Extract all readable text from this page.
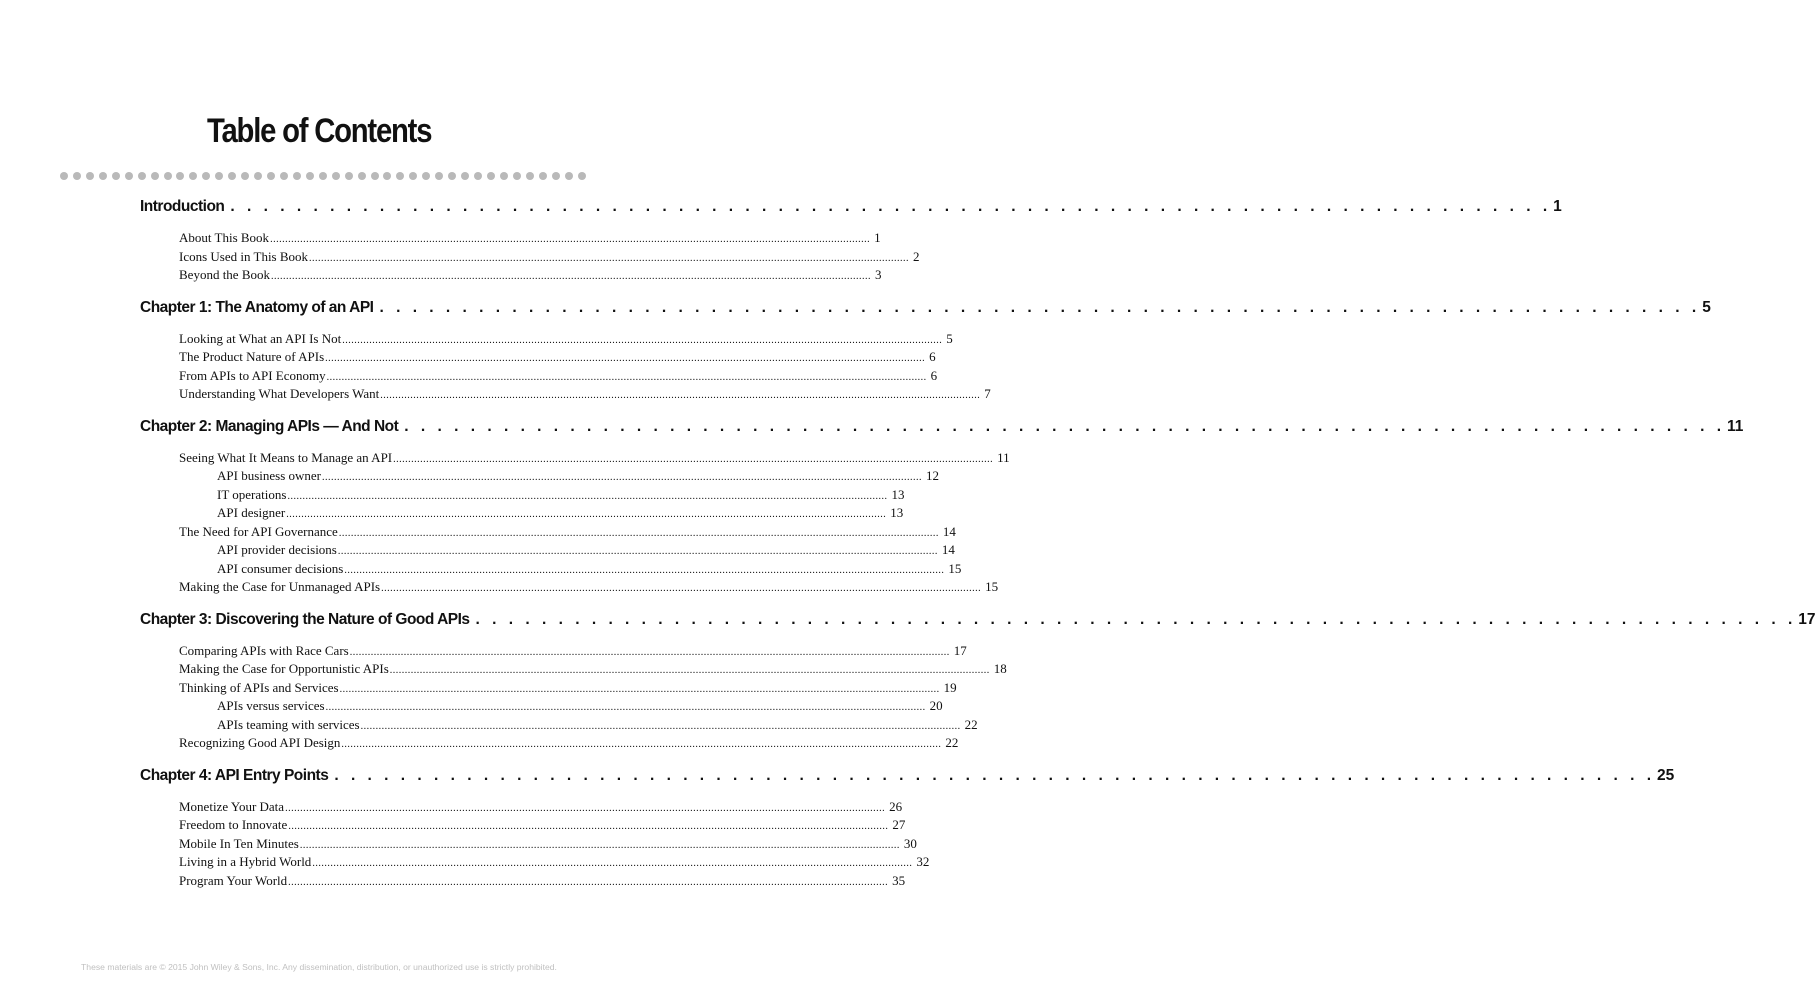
Table of Contents
Introduction . . . . . . . . . . . . . . . . . . . . . . . . . . . . . . . . . . . . . . . . . . . . . . . . . . . . . . . . . . . . . . . . . . . . . . . . . . . . . . . . 1
About This Book ........................................................................................................................................................................................................ 1
Icons Used in This Book ........................................................................................................................................................................................................ 2
Beyond the Book ........................................................................................................................................................................................................ 3
Chapter 1: The Anatomy of an API . . . . . . . . . . . . . . . . . . . . . . . . . . . . . . . . . . . . . . . . . . . . . . . . . . . . . . . . . . . . . . . . . . . . . . . . . . . . . . . . 5
Looking at What an API Is Not ........................................................................................................................................................................................................ 5
The Product Nature of APIs ........................................................................................................................................................................................................ 6
From APIs to API Economy ........................................................................................................................................................................................................ 6
Understanding What Developers Want ........................................................................................................................................................................................................ 7
Chapter 2: Managing APIs — And Not . . . . . . . . . . . . . . . . . . . . . . . . . . . . . . . . . . . . . . . . . . . . . . . . . . . . . . . . . . . . . . . . . . . . . . . . . . . . . . . . 11
Seeing What It Means to Manage an API ........................................................................................................................................................................................................ 11
API business owner ........................................................................................................................................................................................................ 12
IT operations ........................................................................................................................................................................................................ 13
API designer ........................................................................................................................................................................................................ 13
The Need for API Governance ........................................................................................................................................................................................................ 14
API provider decisions ........................................................................................................................................................................................................ 14
API consumer decisions ........................................................................................................................................................................................................ 15
Making the Case for Unmanaged APIs ........................................................................................................................................................................................................ 15
Chapter 3: Discovering the Nature of Good APIs . . . . . . . . . . . . . . . . . . . . . . . . . . . . . . . . . . . . . . . . . . . . . . . . . . . . . . . . . . . . . . . . . . . . . . . . . . . . . . . . 17
Comparing APIs with Race Cars ........................................................................................................................................................................................................ 17
Making the Case for Opportunistic APIs ........................................................................................................................................................................................................ 18
Thinking of APIs and Services ........................................................................................................................................................................................................ 19
APIs versus services ........................................................................................................................................................................................................ 20
APIs teaming with services ........................................................................................................................................................................................................ 22
Recognizing Good API Design ........................................................................................................................................................................................................ 22
Chapter 4: API Entry Points . . . . . . . . . . . . . . . . . . . . . . . . . . . . . . . . . . . . . . . . . . . . . . . . . . . . . . . . . . . . . . . . . . . . . . . . . . . . . . . . 25
Monetize Your Data ........................................................................................................................................................................................................ 26
Freedom to Innovate ........................................................................................................................................................................................................ 27
Mobile In Ten Minutes ........................................................................................................................................................................................................ 30
Living in a Hybrid World ........................................................................................................................................................................................................ 32
Program Your World ........................................................................................................................................................................................................ 35
These materials are © 2015 John Wiley & Sons, Inc. Any dissemination, distribution, or unauthorized use is strictly prohibited.
